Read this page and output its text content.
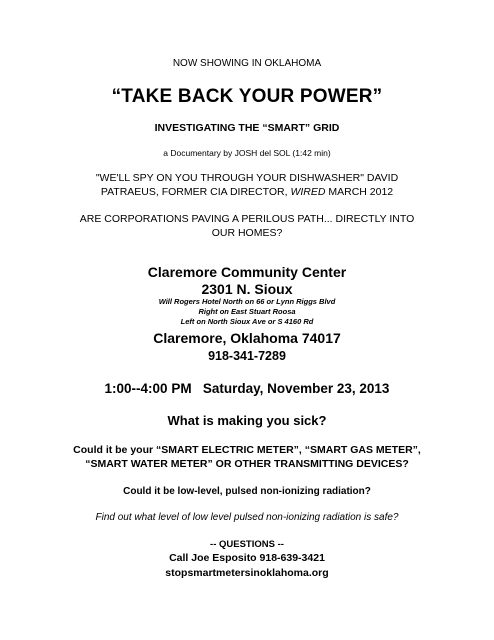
NOW SHOWING IN OKLAHOMA
“TAKE BACK YOUR POWER”
INVESTIGATING THE “SMART” GRID
a Documentary by JOSH del SOL (1:42 min)
"WE'LL SPY ON YOU THROUGH YOUR DISHWASHER" DAVID
PATRAEUS, FORMER CIA DIRECTOR, WIRED MARCH 2012
ARE CORPORATIONS PAVING A PERILOUS PATH... DIRECTLY INTO
OUR HOMES?
Claremore Community Center
2301 N. Sioux
Will Rogers Hotel North on 66 or Lynn Riggs Blvd
Right on East Stuart Roosa
Left on North Sioux Ave or S 4160 Rd
Claremore, Oklahoma 74017
918-341-7289
1:00--4:00 PM Saturday, November 23, 2013
What is making you sick?
Could it be your “SMART ELECTRIC METER”, “SMART GAS METER”,
“SMART WATER METER” OR OTHER TRANSMITTING DEVICES?
Could it be low-level, pulsed non-ionizing radiation?
Find out what level of low level pulsed non-ionizing radiation is safe?
-- QUESTIONS --
Call Joe Esposito 918-639-3421
stopsmartmetersinoklahoma.org
